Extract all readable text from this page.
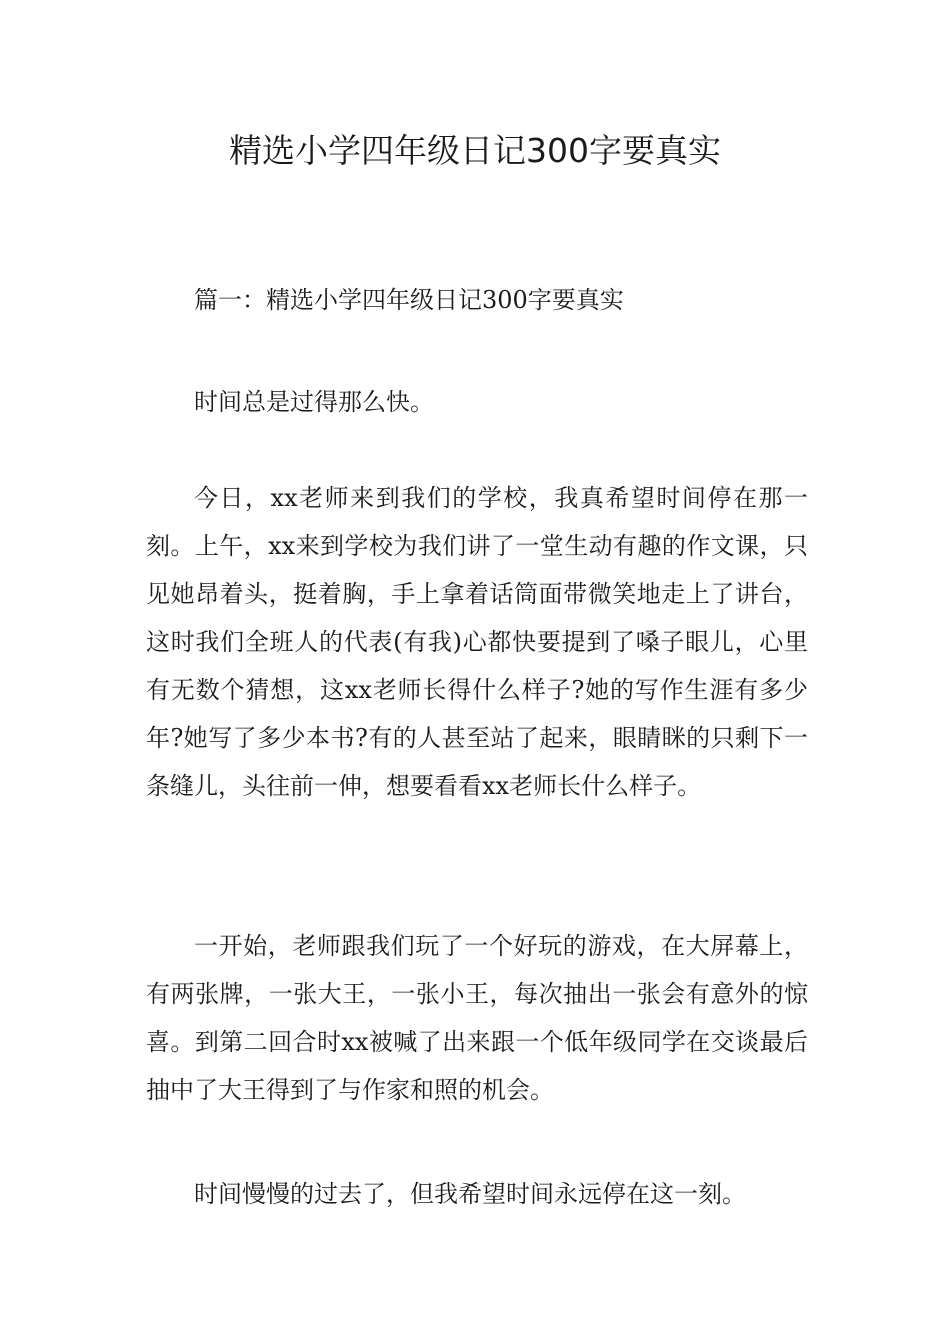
精选小学四年级日记300字要真实

篇一：精选小学四年级日记300字要真实

时间总是过得那么快。

今日，xx老师来到我们的学校，我真希望时间停在那一刻。上午，xx来到学校为我们讲了一堂生动有趣的作文课，只见她昂着头，挺着胸，手上拿着话筒面带微笑地走上了讲台，这时我们全班人的代表(有我)心都快要提到了嗓子眼儿，心里有无数个猜想，这xx老师长得什么样子?她的写作生涯有多少年?她写了多少本书?有的人甚至站了起来，眼睛眯的只剩下一条缝儿，头往前一伸，想要看看xx老师长什么样子。

一开始，老师跟我们玩了一个好玩的游戏，在大屏幕上，有两张牌，一张大王，一张小王，每次抽出一张会有意外的惊喜。到第二回合时xx被喊了出来跟一个低年级同学在交谈最后抽中了大王得到了与作家和照的机会。

时间慢慢的过去了，但我希望时间永远停在这一刻。
